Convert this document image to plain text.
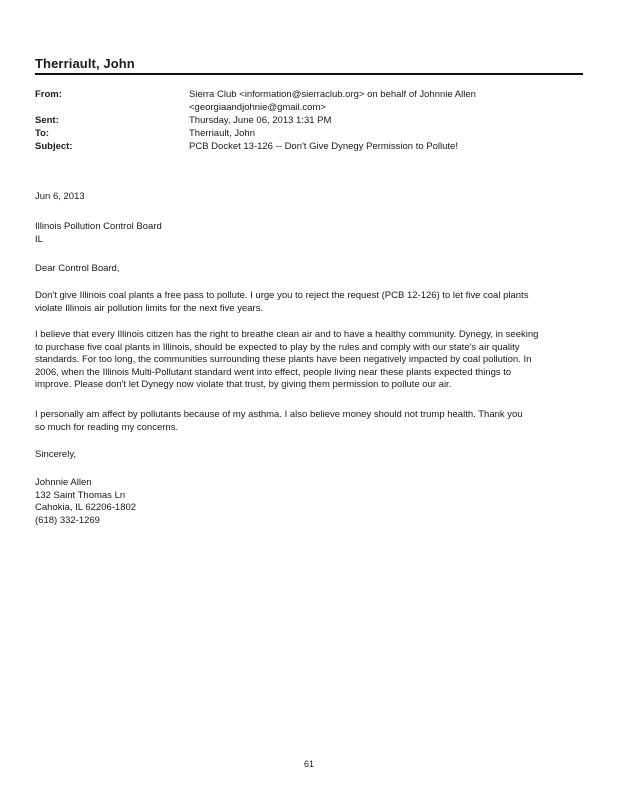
Therriault, John
From:	Sierra Club <information@sierraclub.org> on behalf of Johnnie Allen
<georgiaandjohnie@gmail.com>
Sent:	Thursday, June 06, 2013 1:31 PM
To:	Therriault, John
Subject:	PCB Docket 13-126 -- Don't Give Dynegy Permission to Pollute!

Jun 6, 2013

Illinois Pollution Control Board

IL

Dear Control Board,

Don't give Illinois coal plants a free pass to pollute. I urge you to reject the request (PCB 12-126) to let five coal plants

violate Illinois air pollution limits for the next five years.

I believe that every Illinois citizen has the right to breathe clean air and to have a healthy community. Dynegy, in seeking

to purchase five coal plants in Illinois, should be expected to play by the rules and comply with our state's air quality

standards. For too long, the communities surrounding these plants have been negatively impacted by coal pollution. In

2006, when the Illinois Multi-Pollutant standard went into effect, people living near these plants expected things to

improve. Please don't let Dynegy now violate that trust, by giving them permission to pollute our air.

I personally am affect by pollutants because of my asthma. I also believe money should not trump health. Thank you

so much for reading my concerns.

Sincerely,

Johnnie Allen

132 Saint Thomas Ln

Cahokia, IL 62206-1802

(618) 332-1269

61
